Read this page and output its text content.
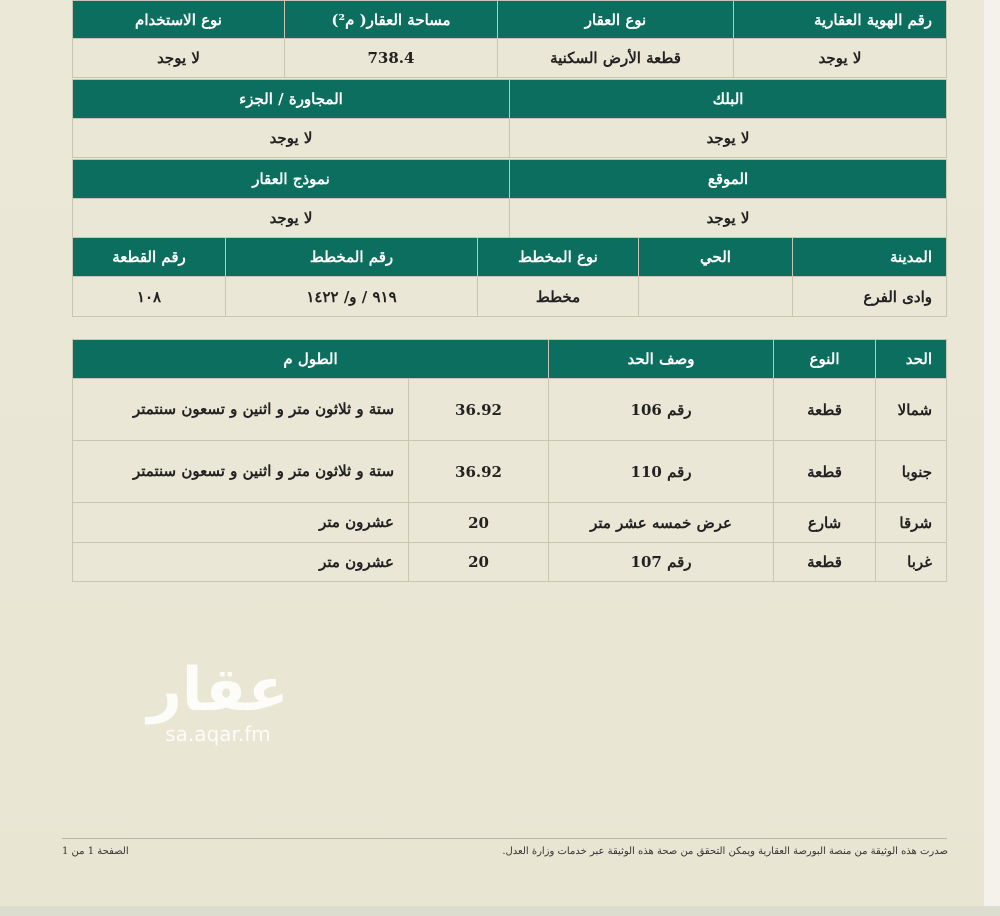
رقم الهوية العقارية	نوع العقار	مساحة العقار( م²)	نوع الاستخدام
لا يوجد	قطعة الأرض السكنية	738.4	لا يوجد
البلك	المجاورة / الجزء
لا يوجد	لا يوجد
الموقع	نموذج العقار
لا يوجد	لا يوجد
المدينة	الحي	نوع المخطط	رقم المخطط	رقم القطعة
وادى الفرع		مخطط	٩١٩ / و/ ١٤٢٢	١٠٨
الحد	النوع	وصف الحد	الطول م	
شمالا	قطعة	رقم 106	36.92	ستة و ثلاثون متر و اثنين و تسعون سنتمتر
جنوبا	قطعة	رقم 110	36.92	ستة و ثلاثون متر و اثنين و تسعون سنتمتر
شرقا	شارع	عرض خمسه عشر متر	20	عشرون متر
غربا	قطعة	رقم 107	20	عشرون متر
عقار
sa.aqar.fm
صدرت هذه الوثيقة من منصة البورصة العقارية ويمكن التحقق من صحة هذه الوثيقة عبر خدمات وزارة العدل.
الصفحة 1 من 1
